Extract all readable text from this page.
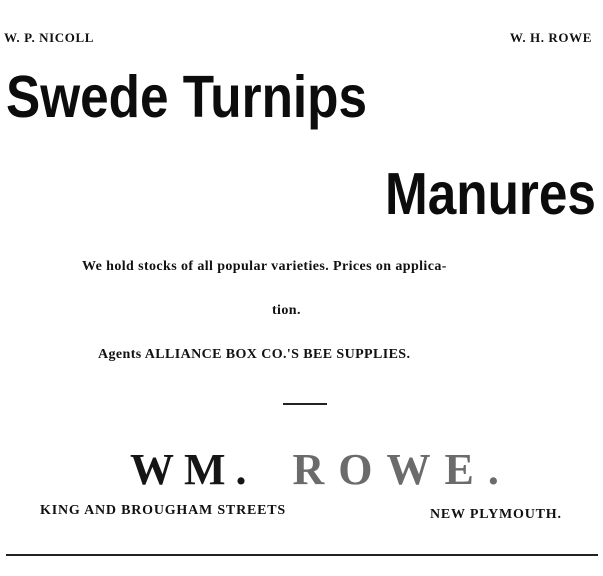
W. P. NICOLL	W. H. ROWE
Swede Turnips
Manures
We hold stocks of all popular varieties. Prices on applica-
tion.
Agents ALLIANCE BOX CO.'S BEE SUPPLIES.
WM. ROWE.
KING AND BROUGHAM STREETS	NEW PLYMOUTH.
